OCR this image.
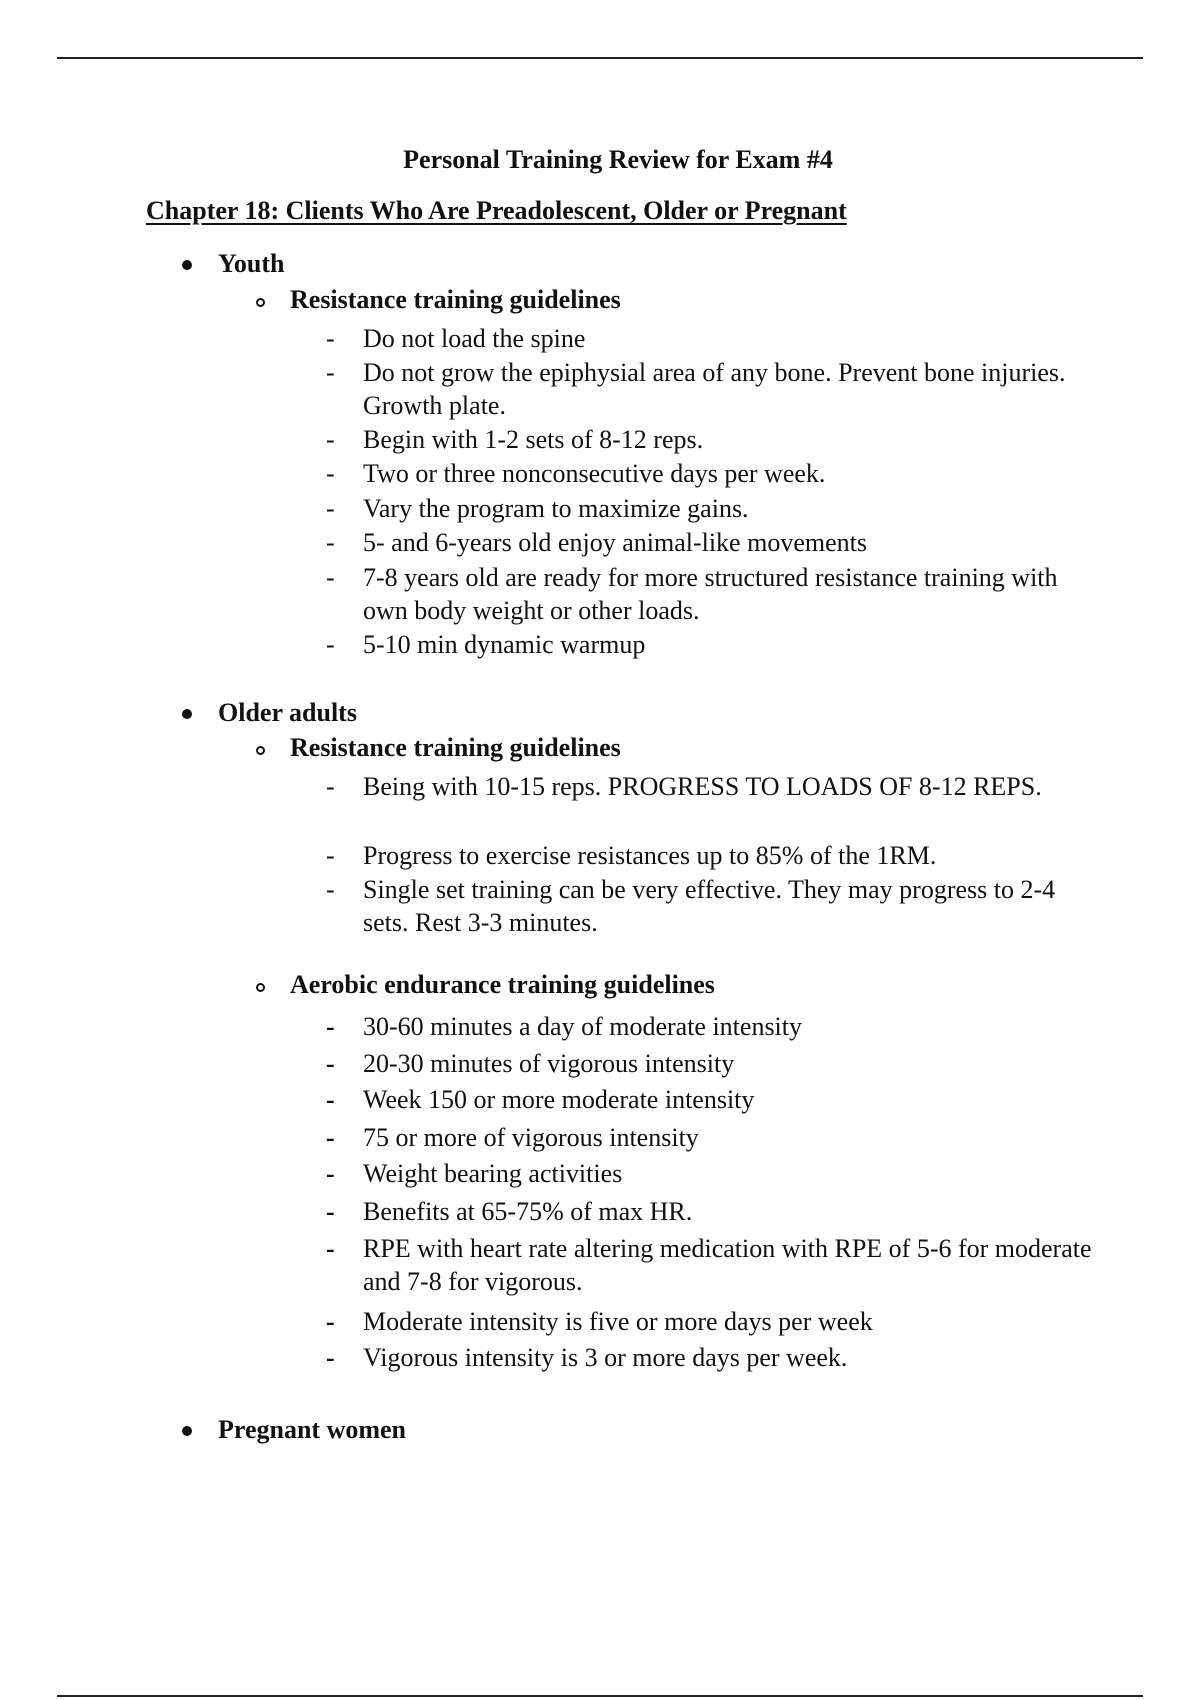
Personal Training Review for Exam #4
Chapter 18: Clients Who Are Preadolescent, Older or Pregnant
Youth
Resistance training guidelines
-	Do not load the spine
-	Do not grow the epiphysial area of any bone. Prevent bone injuries. Growth plate.
-	Begin with 1-2 sets of 8-12 reps.
-	Two or three nonconsecutive days per week.
-	Vary the program to maximize gains.
-	5- and 6-years old enjoy animal-like movements
-	7-8 years old are ready for more structured resistance training with own body weight or other loads.
-	5-10 min dynamic warmup
Older adults
Resistance training guidelines
-	Being with 10-15 reps. PROGRESS TO LOADS OF 8-12 REPS.
-	Progress to exercise resistances up to 85% of the 1RM.
-	Single set training can be very effective. They may progress to 2-4 sets. Rest 3-3 minutes.
Aerobic endurance training guidelines
-	30-60 minutes a day of moderate intensity
-	20-30 minutes of vigorous intensity
-	Week 150 or more moderate intensity
-	75 or more of vigorous intensity
-	Weight bearing activities
-	Benefits at 65-75% of max HR.
-	RPE with heart rate altering medication with RPE of 5-6 for moderate and 7-8 for vigorous.
-	Moderate intensity is five or more days per week
-	Vigorous intensity is 3 or more days per week.
Pregnant women
